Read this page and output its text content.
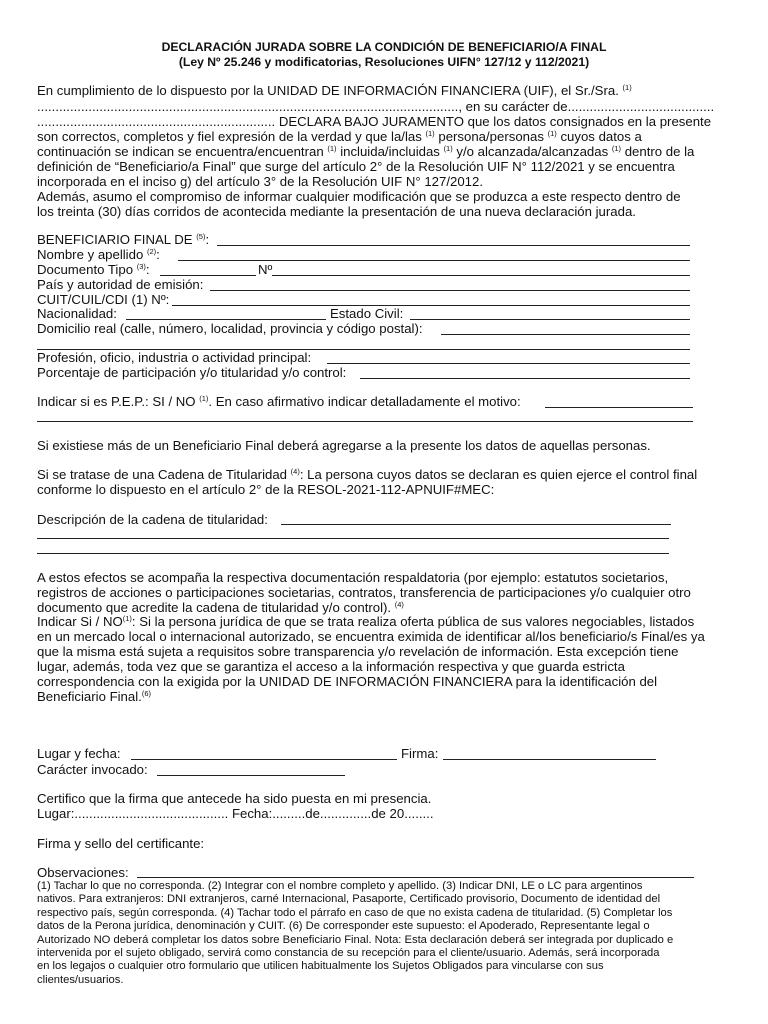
DECLARACIÓN JURADA SOBRE LA CONDICIÓN DE BENEFICIARIO/A FINAL
(Ley Nº 25.246 y modificatorias, Resoluciones UIFN° 127/12 y 112/2021)
En cumplimiento de lo dispuesto por la UNIDAD DE INFORMACIÓN FINANCIERA (UIF), el Sr./Sra. $^{(1)}$
..................................................................................................................., en su carácter de........................................
................................................................. DECLARA BAJO JURAMENTO que los datos consignados en la presente
son correctos, completos y fiel expresión de la verdad y que la/las $^{(1)}$ persona/personas $^{(1)}$ cuyos datos a
continuación se indican se encuentra/encuentran $^{(1)}$ incluida/incluidas $^{(1)}$ y/o alcanzada/alcanzadas $^{(1)}$ dentro de la
definición de “Beneficiario/a Final” que surge del artículo 2° de la Resolución UIF N° 112/2021 y se encuentra
incorporada en el inciso g) del artículo 3° de la Resolución UIF N° 127/2012.
Además, asumo el compromiso de informar cualquier modificación que se produzca a este respecto dentro de
los treinta (30) días corridos de acontecida mediante la presentación de una nueva declaración jurada.
BENEFICIARIO FINAL DE $^{(5)}$:
Nombre y apellido $^{(2)}$:
Documento Tipo $^{(3)}$:	Nº
País y autoridad de emisión:
CUIT/CUIL/CDI (1) Nº:
Nacionalidad:	Estado Civil:
Domicilio real (calle, número, localidad, provincia y código postal):
Profesión, oficio, industria o actividad principal:
Porcentaje de participación y/o titularidad y/o control:
Indicar si es P.E.P.: SI / NO $^{(1)}$. En caso afirmativo indicar detalladamente el motivo:
Si existiese más de un Beneficiario Final deberá agregarse a la presente los datos de aquellas personas.
Si se tratase de una Cadena de Titularidad $^{(4)}$: La persona cuyos datos se declaran es quien ejerce el control final
conforme lo dispuesto en el artículo 2° de la RESOL-2021-112-APNUIF#MEC:
Descripción de la cadena de titularidad:
A estos efectos se acompaña la respectiva documentación respaldatoria (por ejemplo: estatutos societarios,
registros de acciones o participaciones societarias, contratos, transferencia de participaciones y/o cualquier otro
documento que acredite la cadena de titularidad y/o control). $^{(4)}$
Indicar Si / NO$^{(1)}$: Si la persona jurídica de que se trata realiza oferta pública de sus valores negociables, listados
en un mercado local o internacional autorizado, se encuentra eximida de identificar al/los beneficiario/s Final/es ya
que la misma está sujeta a requisitos sobre transparencia y/o revelación de información. Esta excepción tiene
lugar, además, toda vez que se garantiza el acceso a la información respectiva y que guarda estricta
correspondencia con la exigida por la UNIDAD DE INFORMACIÓN FINANCIERA para la identificación del
Beneficiario Final.$^{(6)}$
Lugar y fecha:	Firma:
Carácter invocado:
Certifico que la firma que antecede ha sido puesta en mi presencia.
Lugar:.......................................... Fecha:.........de..............de 20........
Firma y sello del certificante:
Observaciones:
(1) Tachar lo que no corresponda. (2) Integrar con el nombre completo y apellido. (3) Indicar DNI, LE o LC para argentinos
nativos. Para extranjeros: DNI extranjeros, carné Internacional, Pasaporte, Certificado provisorio, Documento de identidad del
respectivo país, según corresponda. (4) Tachar todo el párrafo en caso de que no exista cadena de titularidad. (5) Completar los
datos de la Perona jurídica, denominación y CUIT. (6) De corresponder este supuesto: el Apoderado, Representante legal o
Autorizado NO deberá completar los datos sobre Beneficiario Final. Nota: Esta declaración deberá ser integrada por duplicado e
intervenida por el sujeto obligado, servirá como constancia de su recepción para el cliente/usuario. Además, será incorporada
en los legajos o cualquier otro formulario que utilicen habitualmente los Sujetos Obligados para vincularse con sus
clientes/usuarios.
